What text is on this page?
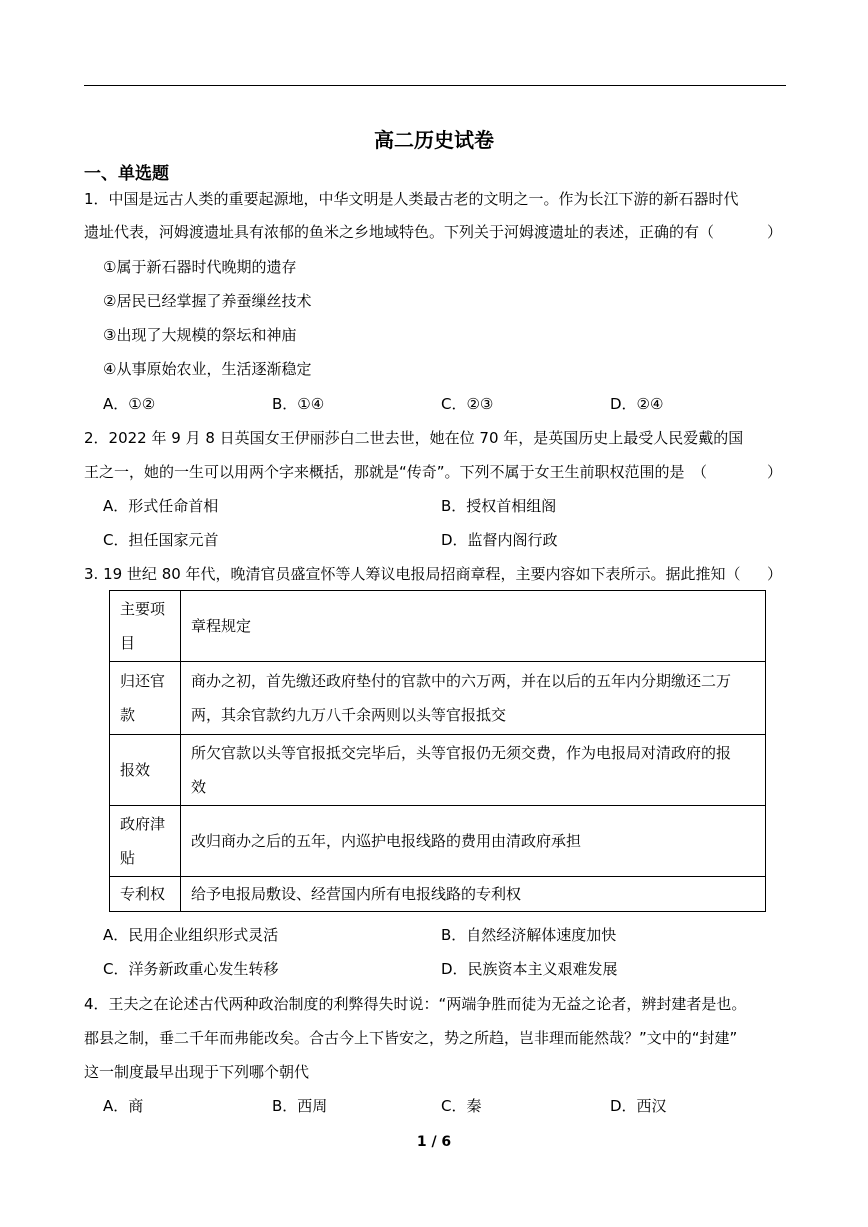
高二历史试卷
一、单选题
1．中国是远古人类的重要起源地，中华文明是人类最古老的文明之一。作为长江下游的新石器时代
遗址代表，河姆渡遗址具有浓郁的鱼米之乡地域特色。下列关于河姆渡遗址的表述，正确的有（	）
①属于新石器时代晚期的遗存
②居民已经掌握了养蚕缫丝技术
③出现了大规模的祭坛和神庙
④从事原始农业，生活逐渐稳定
A．①②	B．①④	C．②③	D．②④
2．2022 年 9 月 8 日英国女王伊丽莎白二世去世，她在位 70 年，是英国历史上最受人民爱戴的国
王之一，她的一生可以用两个字来概括，那就是“传奇”。下列不属于女王生前职权范围的是　（	）
A．形式任命首相	B．授权首相组阁
C．担任国家元首	D．监督内阁行政
3. 19 世纪 80 年代，晚清官员盛宣怀等人筹议电报局招商章程，主要内容如下表所示。据此推知（ ）
主要项
目	章程规定
归还官
款	商办之初，首先缴还政府垫付的官款中的六万两，并在以后的五年内分期缴还二万
两，其余官款约九万八千余两则以头等官报抵交
报效	所欠官款以头等官报抵交完毕后，头等官报仍无须交费，作为电报局对清政府的报
效
政府津
贴	改归商办之后的五年，内巡护电报线路的费用由清政府承担
专利权	给予电报局敷设、经营国内所有电报线路的专利权
A．民用企业组织形式灵活	B．自然经济解体速度加快
C．洋务新政重心发生转移	D．民族资本主义艰难发展
4．王夫之在论述古代两种政治制度的利弊得失时说：“两端争胜而徒为无益之论者，辨封建者是也。
郡县之制，垂二千年而弗能改矣。合古今上下皆安之，势之所趋，岂非理而能然哉？”文中的“封建”
这一制度最早出现于下列哪个朝代
A．商	B．西周	C．秦	D．西汉
1 / 6
